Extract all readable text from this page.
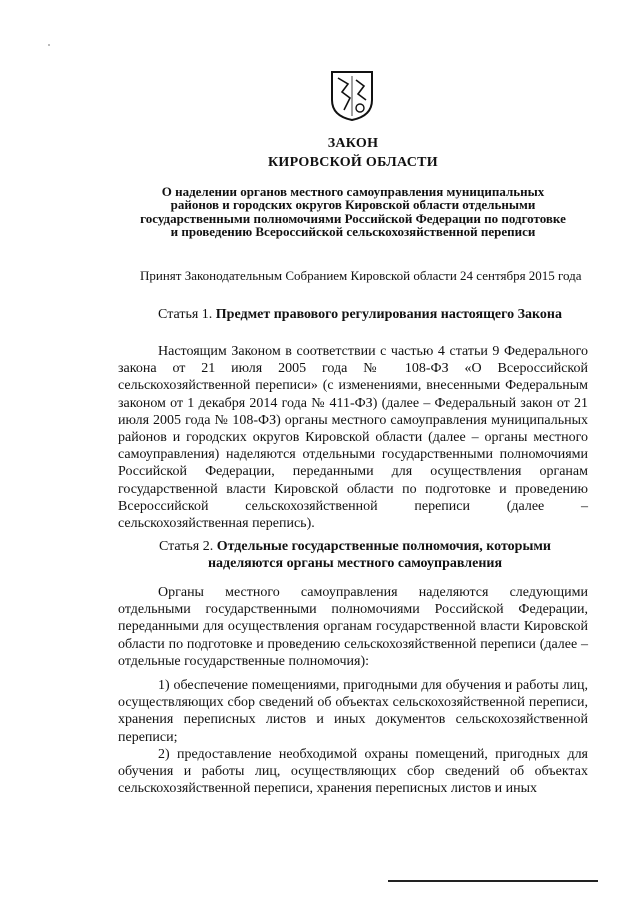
ЗАКОН
КИРОВСКОЙ ОБЛАСТИ
О наделении органов местного самоуправления муниципальных районов и городских округов Кировской области отдельными государственными полномочиями Российской Федерации по подготовке и проведению Всероссийской сельскохозяйственной переписи
Принят Законодательным Собранием Кировской области 24 сентября 2015 года
Статья 1. Предмет правового регулирования настоящего Закона
Настоящим Законом в соответствии с частью 4 статьи 9 Федерального закона от 21 июля 2005 года № 108-ФЗ «О Всероссийской сельскохозяйственной переписи» (с изменениями, внесенными Федеральным законом от 1 декабря 2014 года № 411-ФЗ) (далее – Федеральный закон от 21 июля 2005 года № 108-ФЗ) органы местного самоуправления муниципальных районов и городских округов Кировской области (далее – органы местного самоуправления) наделяются отдельными государственными полномочиями Российской Федерации, переданными для осуществления органам государственной власти Кировской области по подготовке и проведению Всероссийской сельскохозяйственной переписи (далее – сельскохозяйственная перепись).
Статья 2. Отдельные государственные полномочия, которыми наделяются органы местного самоуправления
Органы местного самоуправления наделяются следующими отдельными государственными полномочиями Российской Федерации, переданными для осуществления органам государственной власти Кировской области по подготовке и проведению сельскохозяйственной переписи (далее – отдельные государственные полномочия):
1) обеспечение помещениями, пригодными для обучения и работы лиц, осуществляющих сбор сведений об объектах сельскохозяйственной переписи, хранения переписных листов и иных документов сельскохозяйственной переписи;
2) предоставление необходимой охраны помещений, пригодных для обучения и работы лиц, осуществляющих сбор сведений об объектах сельскохозяйственной переписи, хранения переписных листов и иных
